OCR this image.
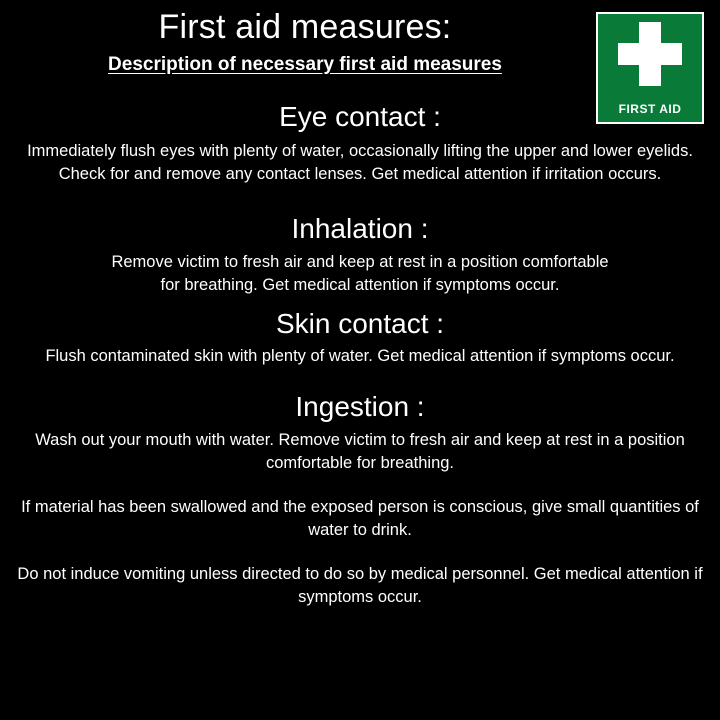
First aid measures:
Description of necessary first aid measures
FIRST AID
Eye contact :

Immediately flush eyes with plenty of water, occasionally lifting the upper and lower eyelids. Check for and remove any contact lenses. Get medical attention if irritation occurs.

Inhalation :

Remove victim to fresh air and keep at rest in a position comfortable for breathing. Get medical attention if symptoms occur.

Skin contact :

Flush contaminated skin with plenty of water. Get medical attention if symptoms occur.

Ingestion :

Wash out your mouth with water. Remove victim to fresh air and keep at rest in a position comfortable for breathing.

If material has been swallowed and the exposed person is conscious, give small quantities of water to drink.

Do not induce vomiting unless directed to do so by medical personnel. Get medical attention if symptoms occur.
